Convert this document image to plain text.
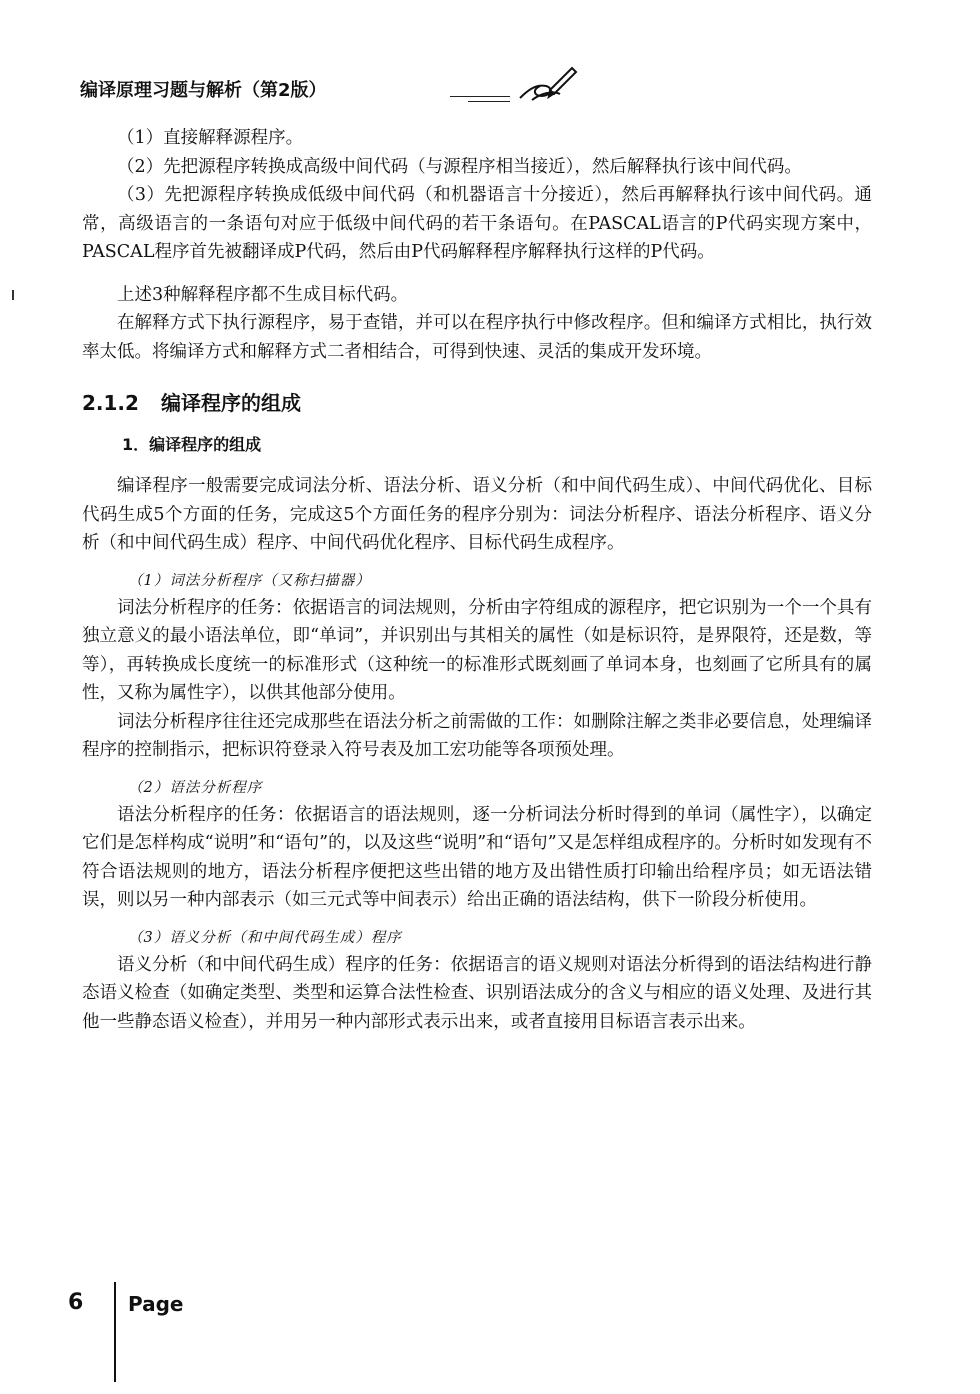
编译原理习题与解析（第2版）

（1）直接解释源程序。

（2）先把源程序转换成高级中间代码（与源程序相当接近），然后解释执行该中间代码。

（3）先把源程序转换成低级中间代码（和机器语言十分接近），然后再解释执行该中间代码。通常，高级语言的一条语句对应于低级中间代码的若干条语句。在PASCAL语言的P代码实现方案中，PASCAL程序首先被翻译成P代码，然后由P代码解释程序解释执行这样的P代码。

上述3种解释程序都不生成目标代码。

在解释方式下执行源程序，易于查错，并可以在程序执行中修改程序。但和编译方式相比，执行效率太低。将编译方式和解释方式二者相结合，可得到快速、灵活的集成开发环境。

2.1.2 编译程序的组成
1．编译程序的组成

编译程序一般需要完成词法分析、语法分析、语义分析（和中间代码生成）、中间代码优化、目标代码生成5个方面的任务，完成这5个方面任务的程序分别为：词法分析程序、语法分析程序、语义分析（和中间代码生成）程序、中间代码优化程序、目标代码生成程序。

（1）词法分析程序（又称扫描器）

词法分析程序的任务：依据语言的词法规则，分析由字符组成的源程序，把它识别为一个一个具有独立意义的最小语法单位，即“单词”，并识别出与其相关的属性（如是标识符，是界限符，还是数，等等），再转换成长度统一的标准形式（这种统一的标准形式既刻画了单词本身，也刻画了它所具有的属性，又称为属性字），以供其他部分使用。

词法分析程序往往还完成那些在语法分析之前需做的工作：如删除注解之类非必要信息，处理编译程序的控制指示，把标识符登录入符号表及加工宏功能等各项预处理。

（2）语法分析程序

语法分析程序的任务：依据语言的语法规则，逐一分析词法分析时得到的单词（属性字），以确定它们是怎样构成“说明”和“语句”的，以及这些“说明”和“语句”又是怎样组成程序的。分析时如发现有不符合语法规则的地方，语法分析程序便把这些出错的地方及出错性质打印输出给程序员；如无语法错误，则以另一种内部表示（如三元式等中间表示）给出正确的语法结构，供下一阶段分析使用。

（3）语义分析（和中间代码生成）程序

语义分析（和中间代码生成）程序的任务：依据语言的语义规则对语法分析得到的语法结构进行静态语义检查（如确定类型、类型和运算合法性检查、识别语法成分的含义与相应的语义处理、及进行其他一些静态语义检查），并用另一种内部形式表示出来，或者直接用目标语言表示出来。

6 Page
